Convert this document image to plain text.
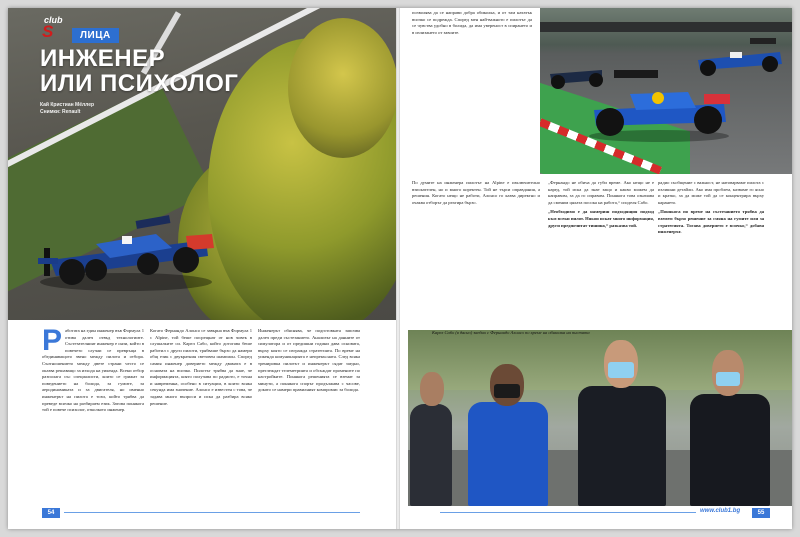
club
S	ЛИЦА
ИНЖЕНЕР
ИЛИ ПСИХОЛОГ
Кай Кристиан Мёллер
Снимки: Renault
Р аботата на един инженер във Формула 1 отива далеч отвъд технологиите. Състезателният инженер е онзи, който в повечето случаи се превръща в обединяващото звено между пилота и отбора. Съотношението между двете страни често се оказва решаващо за изхода на уикенда. Всеки отбор разполага със специалисти, които се грижат за поведението на болида, за гумите, за аеродинамиката и за двигателя, но именно инженерът на пилота е този, който трябва да преведе всичко на разбираем език. Затова понякога той е повече психолог, отколкото инженер.

Когато Фернандо Алонсо се завърна във Формула 1 с Alpine, той беше посрещнат от нов човек в слушалките си. Карел Сабо, който дотогава беше работил с други пилоти, трябваше бързо да намери общ език с двукратния световен шампион. Според самия инженер доверието между двамата е в основата на всичко. Пилотът трябва да знае, че информацията, която получава по радиото, е точна и навременна, особено в ситуации, в които всяка секунда има значение. Алонсо е известен с това, че задава много въпроси и иска да разбира всяко решение.

Инженерът обяснява, че подготовката започва далеч преди състезанието. Анализът на данните от симулатора и от предишни години дава основата, върху която се изгражда стратегията. По време на уикенда комуникацията е непрекъсната. След всяка тренировка пилотът и инженерът сядат заедно, преглеждат телеметрията и обсъждат промените по настройките. Понякога решенията се вземат за минути, а понякога спорът продължава с часове, докато се намери правилният компромис за болида.

54

позволява да се направи добра обиколка, и от там нататък всичко се подрежда. Според мен най-важното е пилотът да се чувства удобно в болида, да има увереност в спирането и в излизането от завоите.

По думите на инженера пилотът на Alpine е изключително взискателен, но и много коректен. Той не търси оправдания, а решения. Когато нещо не работи, Алонсо го казва директно и очаква отборът да реагира бързо.

„Фернандо не обича да губи време. Ако нещо не е наред, той иска да знае защо и какво можем да направим, за да го оправим. Понякога това означава да сменим цялата посока на работа,“ споделя Сабо.

„Необходимо е да намериш подходящия подход към всеки пилот. Някои искат много информация, други предпочитат тишина,“ разказва той.

радио съобщение с важност, не натоварваме пилота с излишни детайли. Ако има проблем, казваме го ясно и кратко, за да може той да се концентрира върху карането.

„Понякога по време на състезанието трябва да вземем бързо решение за смяна на гумите или за стратегията. Тогава доверието е всичко,“ добавя инженерът.

Карел Сабо (в дясно) заедно с Фернандо Алонсо по време на обиколка на пистата
www.club1.bg	55
